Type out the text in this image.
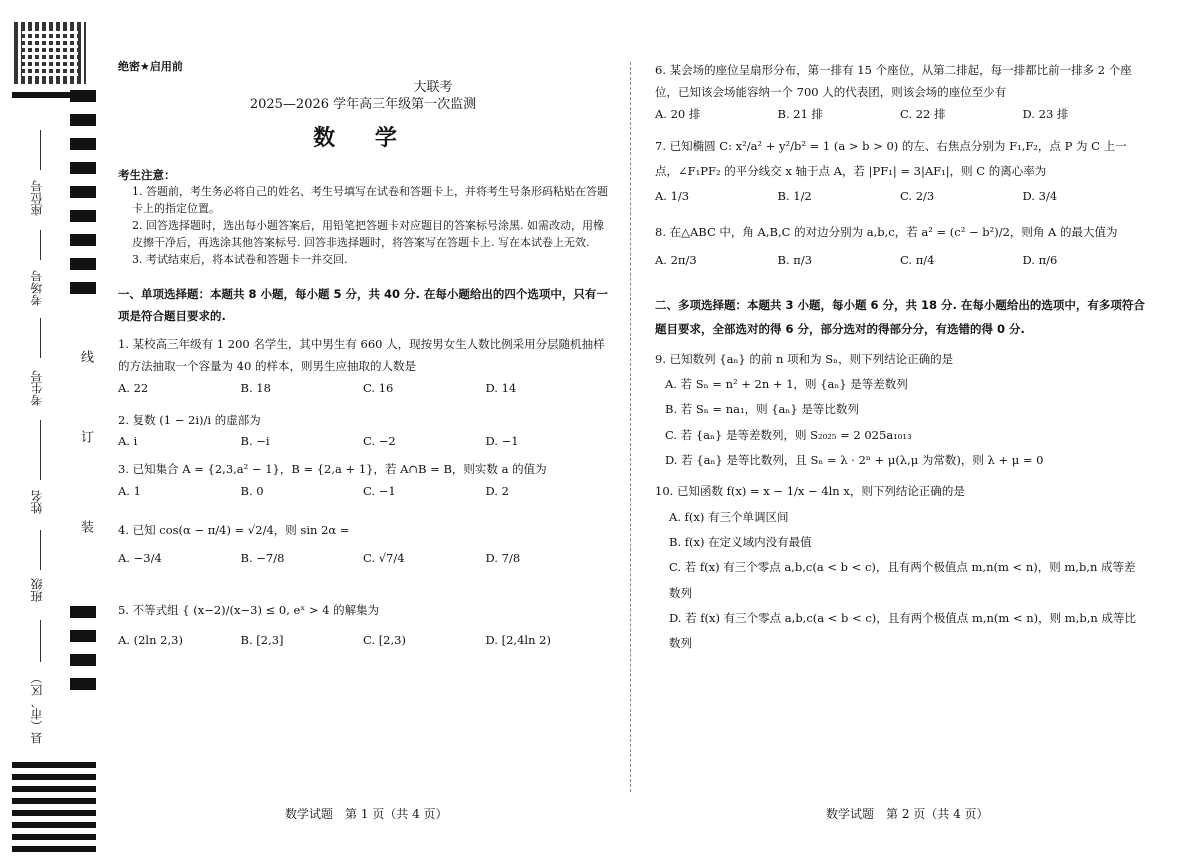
座位号
考场号
考生号
姓名
班级
县（市、区）
线
订
装
绝密★启用前
大联考
2025—2026 学年高三年级第一次监测
数 学
考生注意：
1. 答题前，考生务必将自己的姓名、考生号填写在试卷和答题卡上，并将考生号条形码粘贴在答题卡上的指定位置。
2. 回答选择题时，选出每小题答案后，用铅笔把答题卡对应题目的答案标号涂黑. 如需改动，用橡皮擦干净后，再选涂其他答案标号. 回答非选择题时，将答案写在答题卡上. 写在本试卷上无效.
3. 考试结束后，将本试卷和答题卡一并交回.
一、单项选择题：本题共 8 小题，每小题 5 分，共 40 分. 在每小题给出的四个选项中，只有一项是符合题目要求的.
1. 某校高三年级有 1 200 名学生，其中男生有 660 人，现按男女生人数比例采用分层随机抽样的方法抽取一个容量为 40 的样本，则男生应抽取的人数是
A. 22	B. 18	C. 16	D. 14
2. 复数 (1 − 2i)/i 的虚部为
A. i	B. −i	C. −2	D. −1
3. 已知集合 A = {2,3,a² − 1}，B = {2,a + 1}，若 A∩B = B，则实数 a 的值为
A. 1	B. 0	C. −1	D. 2
4. 已知 cos(α − π/4) = √2/4，则 sin 2α =
A. −3/4	B. −7/8	C. √7/4	D. 7/8
5. 不等式组 { (x−2)/(x−3) ≤ 0, eˣ > 4 的解集为
A. (2ln 2,3)	B. [2,3]	C. [2,3)	D. [2,4ln 2)
数学试题　第 1 页（共 4 页）
6. 某会场的座位呈扇形分布，第一排有 15 个座位，从第二排起，每一排都比前一排多 2 个座位，已知该会场能容纳一个 700 人的代表团，则该会场的座位至少有
A. 20 排	B. 21 排	C. 22 排	D. 23 排
7. 已知椭圆 C: x²/a² + y²/b² = 1 (a > b > 0) 的左、右焦点分别为 F₁,F₂，点 P 为 C 上一点，∠F₁PF₂ 的平分线交 x 轴于点 A，若 |PF₁| = 3|AF₁|，则 C 的离心率为
A. 1/3	B. 1/2	C. 2/3	D. 3/4
8. 在△ABC 中，角 A,B,C 的对边分别为 a,b,c，若 a² = (c² − b²)/2，则角 A 的最大值为
A. 2π/3	B. π/3	C. π/4	D. π/6
二、多项选择题：本题共 3 小题，每小题 6 分，共 18 分. 在每小题给出的选项中，有多项符合题目要求，全部选对的得 6 分，部分选对的得部分分，有选错的得 0 分.
9. 已知数列 {aₙ} 的前 n 项和为 Sₙ，则下列结论正确的是
A. 若 Sₙ = n² + 2n + 1，则 {aₙ} 是等差数列
B. 若 Sₙ = na₁，则 {aₙ} 是等比数列
C. 若 {aₙ} 是等差数列，则 S₂₀₂₅ = 2 025a₁₀₁₃
D. 若 {aₙ} 是等比数列，且 Sₙ = λ · 2ⁿ + μ(λ,μ 为常数)，则 λ + μ = 0
10. 已知函数 f(x) = x − 1/x − 4ln x，则下列结论正确的是
A. f(x) 有三个单调区间
B. f(x) 在定义域内没有最值
C. 若 f(x) 有三个零点 a,b,c(a < b < c)，且有两个极值点 m,n(m < n)，则 m,b,n 成等差数列
D. 若 f(x) 有三个零点 a,b,c(a < b < c)，且有两个极值点 m,n(m < n)，则 m,b,n 成等比数列
数学试题　第 2 页（共 4 页）
